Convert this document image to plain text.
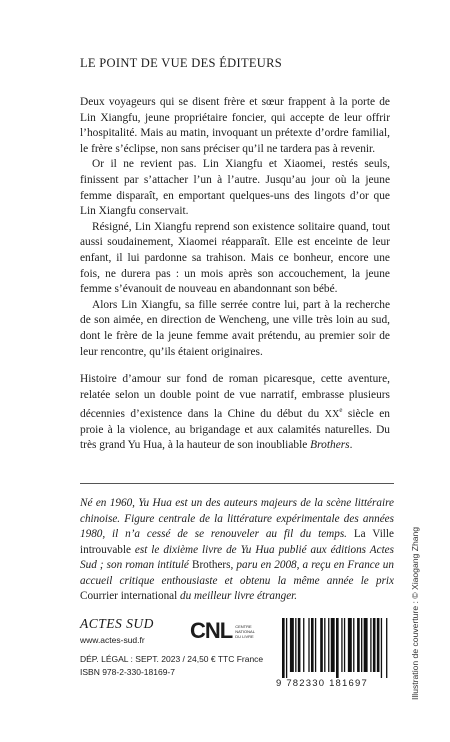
LE POINT DE VUE DES ÉDITEURS

Deux voyageurs qui se disent frère et sœur frappent à la porte de Lin Xiangfu, jeune propriétaire foncier, qui accepte de leur offrir l’hospitalité. Mais au matin, invoquant un prétexte d’ordre familial, le frère s’éclipse, non sans préciser qu’il ne tardera pas à revenir.

Or il ne revient pas. Lin Xiangfu et Xiaomei, restés seuls, finissent par s’attacher l’un à l’autre. Jusqu’au jour où la jeune femme disparaît, en emportant quelques-uns des lingots d’or que Lin Xiangfu conservait.

Résigné, Lin Xiangfu reprend son existence solitaire quand, tout aussi soudainement, Xiaomei réapparaît. Elle est enceinte de leur enfant, il lui pardonne sa trahison. Mais ce bonheur, encore une fois, ne durera pas : un mois après son accouchement, la jeune femme s’évanouit de nouveau en abandonnant son bébé.

Alors Lin Xiangfu, sa fille serrée contre lui, part à la recherche de son aimée, en direction de Wencheng, une ville très loin au sud, dont le frère de la jeune femme avait prétendu, au premier soir de leur rencontre, qu’ils étaient originaires.

Histoire d’amour sur fond de roman picaresque, cette aventure, relatée selon un double point de vue narratif, embrasse plusieurs décennies d’existence dans la Chine du début du XXe siècle en proie à la violence, au brigandage et aux calamités naturelles. Du très grand Yu Hua, à la hauteur de son inoubliable Brothers.

Né en 1960, Yu Hua est un des auteurs majeurs de la scène littéraire chinoise. Figure centrale de la littérature expérimentale des années 1980, il n’a cessé de se renouveler au fil du temps. La Ville introuvable est le dixième livre de Yu Hua publié aux éditions Actes Sud ; son roman intitulé Brothers, paru en 2008, a reçu en France un accueil critique enthousiaste et obtenu la même année le prix Courrier international du meilleur livre étranger.	Illustration de couverture : © Xiaogang Zhang
ACTES SUD
www.actes-sud.fr
DÉP. LÉGAL : SEPT. 2023 / 24,50 € TTC France
ISBN 978-2-330-18169-7
CNL CENTRE
NATIONAL
DU LIVRE
9 782330 181697
